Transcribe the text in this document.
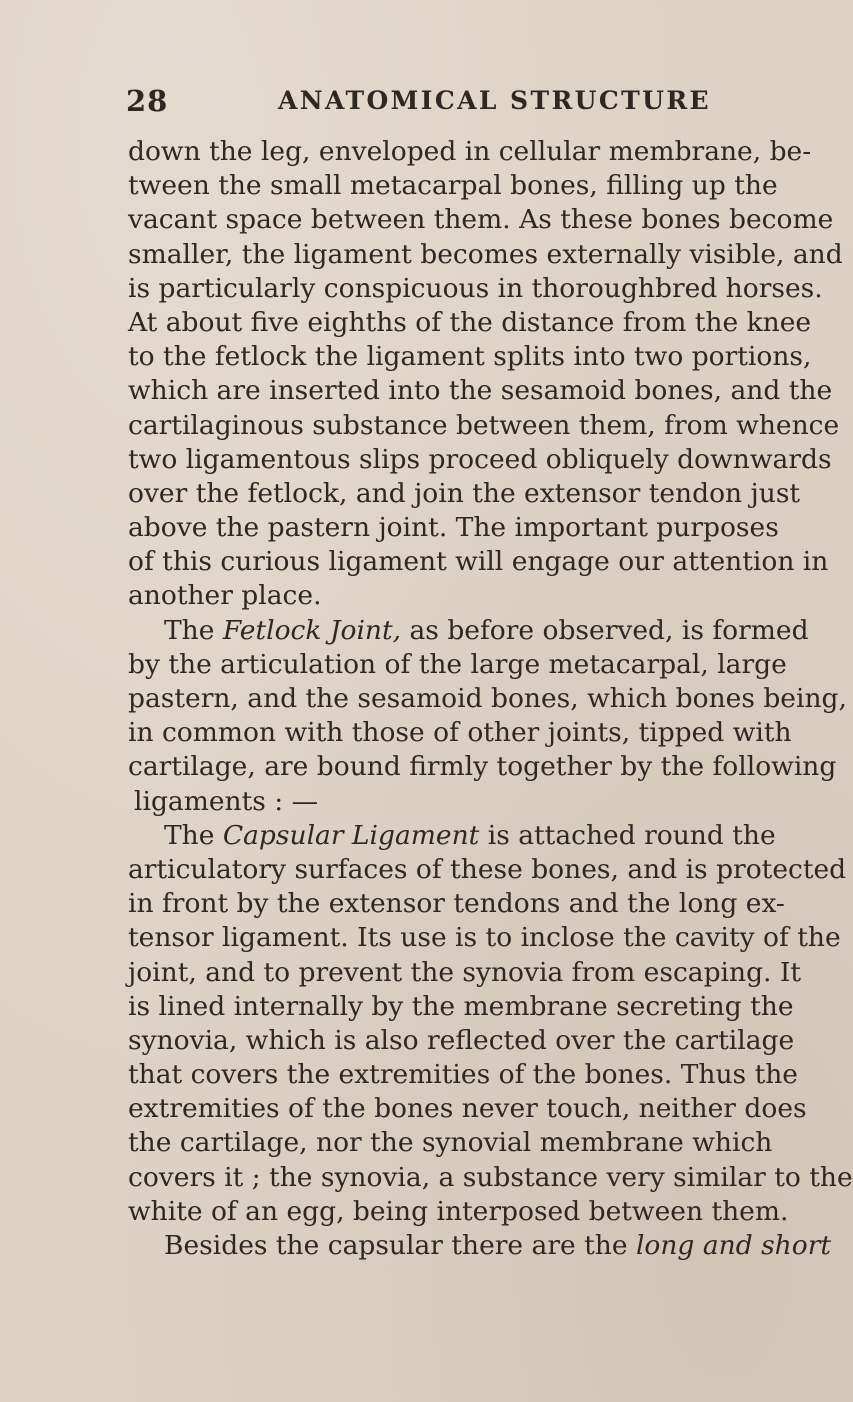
28	ANATOMICAL STRUCTURE
down the leg, enveloped in cellular membrane, be-
tween the small metacarpal bones, filling up the
vacant space between them. As these bones become
smaller, the ligament becomes externally visible, and
is particularly conspicuous in thoroughbred horses.
At about five eighths of the distance from the knee
to the fetlock the ligament splits into two portions,
which are inserted into the sesamoid bones, and the
cartilaginous substance between them, from whence
two ligamentous slips proceed obliquely downwards
over the fetlock, and join the extensor tendon just
above the pastern joint. The important purposes
of this curious ligament will engage our attention in
another place.
The Fetlock Joint, as before observed, is formed
by the articulation of the large metacarpal, large
pastern, and the sesamoid bones, which bones being,
in common with those of other joints, tipped with
cartilage, are bound firmly together by the following
ligaments : —
The Capsular Ligament is attached round the
articulatory surfaces of these bones, and is protected
in front by the extensor tendons and the long ex-
tensor ligament. Its use is to inclose the cavity of the
joint, and to prevent the synovia from escaping. It
is lined internally by the membrane secreting the
synovia, which is also reflected over the cartilage
that covers the extremities of the bones. Thus the
extremities of the bones never touch, neither does
the cartilage, nor the synovial membrane which
covers it ; the synovia, a substance very similar to the
white of an egg, being interposed between them.
Besides the capsular there are the long and short
